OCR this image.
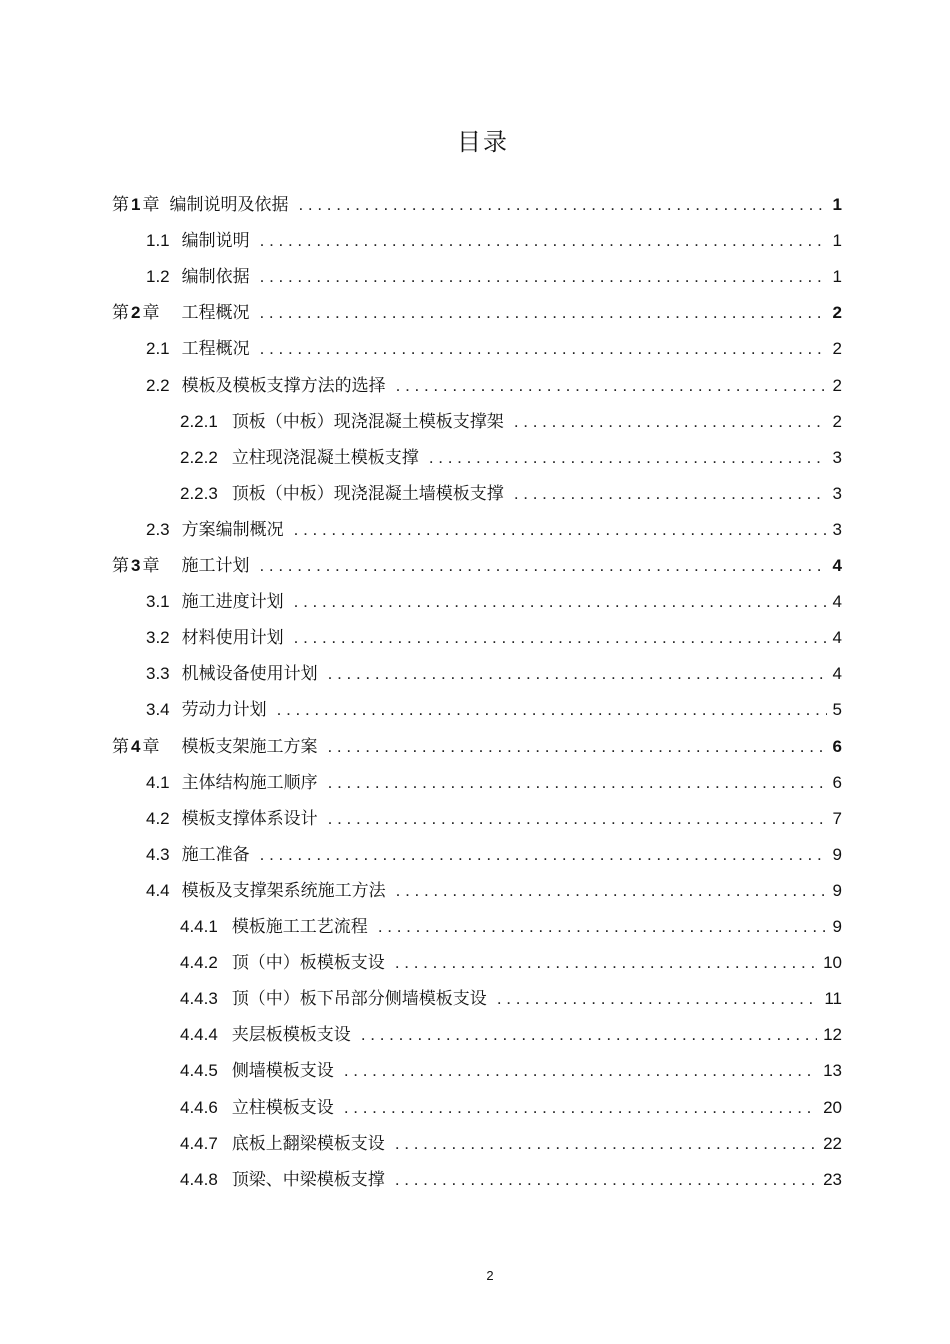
目录
第 1 章 编制说明及依据 . . .	1
1.1 编制说明 . . .	1
1.2 编制依据 . . .	1
第 2 章 工程概况 . . .	2
2.1 工程概况 . . .	2
2.2 模板及模板支撑方法的选择 . . .	2
2.2.1 顶板（中板）现浇混凝土模板支撑架 . . .	2
2.2.2 立柱现浇混凝土模板支撑 . . .	3
2.2.3 顶板（中板）现浇混凝土墙模板支撑 . . .	3
2.3 方案编制概况 . . .	3
第 3 章 施工计划 . . .	4
3.1 施工进度计划 . . .	4
3.2 材料使用计划 . . .	4
3.3 机械设备使用计划 . . .	4
3.4 劳动力计划 . . .	5
第 4 章 模板支架施工方案 . . .	6
4.1 主体结构施工顺序 . . .	6
4.2 模板支撑体系设计 . . .	7
4.3 施工准备 . . .	9
4.4 模板及支撑架系统施工方法 . . .	9
4.4.1 模板施工工艺流程 . . .	9
4.4.2 顶（中）板模板支设 . . .	10
4.4.3 顶（中）板下吊部分侧墙模板支设 . . .	11
4.4.4 夹层板模板支设 . . .	12
4.4.5 侧墙模板支设 . . .	13
4.4.6 立柱模板支设 . . .	20
4.4.7 底板上翻梁模板支设 . . .	22
4.4.8 顶梁、中梁模板支撑 . . .	23
2
